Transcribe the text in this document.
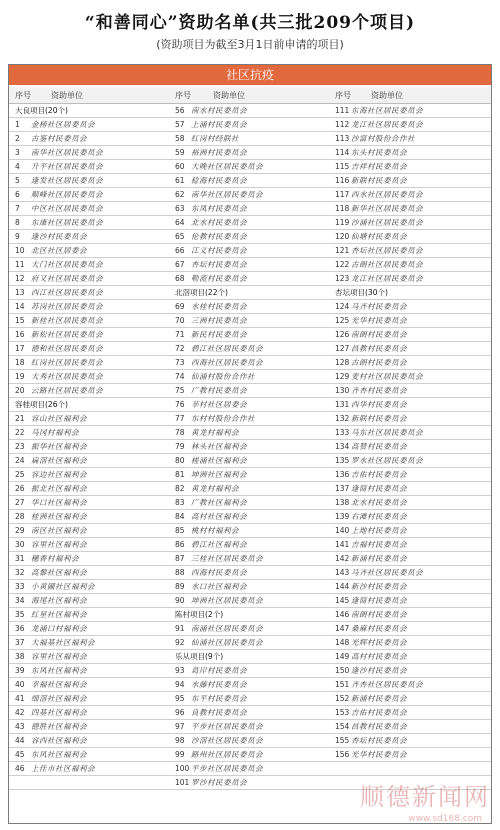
“和善同心”资助名单(共三批209个项目)
(资助项目为截至3月1日前申请的项目)
社区抗疫
序号	资助单位	序号	资助单位	序号	资助单位
大良项目(20个)	56 南水村民委员会	111 东海社区居民委员会
1	金榜社区居委员会	57 上涌村民委员会	112 龙江社区居民委员会
2	古鉴村民委员会	58 红岗村经联社	113 沙富村股份合作社
3	南华社区居民委员会	59 裕洲村民委员会	114 东头村民委员会
4	升平社区居民委员会	60 大晚社区居民委员会	115 吉祥村民委员会
5	逢发社区居民委员会	61 稔海村民委员会	116 新联村民委员会
6	顺峰社区居民委员会	62 南华社区居民委员会	117 西水社区居民委员会
7	中区社区居民委员会	63 东凤村民委员会	118 新华社区居民委员会
8	东康社区居民委员会	64 北水村民委员会	119 沙涌社区居民委员会
9	逢沙村民委员会	65 伦教村民委员会	120 仙塘村民委员会
10 北区社区居委会	66 江义村民委员会	121 杏坛社区居民委员会
11 大门社区居民委员会	67 杏坛村民委员会	122 古朗社区居民委员会
12 府又社区居民委员会	68 勒流村民委员会	123 龙江社区居民委员会
13 西江社区居民委员会	北滘项目(22个)	杏坛项目(30个)
14 苏岗社区居民委员会	69 水桂村民委员会	124 马齐村民委员会
15 新桂社区居民委员会	70 三洲村民委员会	125 光华村民委员会
16 新松社区居民委员会	71 新民村民委员会	126 南朗村民委员会
17 德和社区居民委员会	72 碧江社区居民委员会	127 昌教村民委员会
18 红岗社区居民委员会	73 西海社区居民委员会	128 古朗村民委员会
19 大秀社区居民委员会	74 仙涌村股份合作社	129 麦村社区居民委员会
20 云路社区居民委员会	75 广教村民委员会	130 齐杏村民委员会
容桂项目(26个)	76 莘村社区居委会	131 西华村民委员会
21 容山社区福利会	77 东村村股份合作社	132 新联村民委员会
22 马冈村福利会	78 黄龙村福利会	133 马东社区居民委员会
23 振华社区福利会	79 林头社区福利会	134 高赞村民委员会
24 扁滘社区福利会	80 槎涌社区福利会	135 罗水社区居民委员会
25 容边社区福利会	81 坤洲社区福利会	136 吉佑村民委员会
26 振北社区福利会	82 黄龙村福利会	137 逢简村民委员会
27 华口社区福利会	83 广教社区福利会	138 北水村民委员会
28 桂洲社区福利会	84 高村社区福利会	139 右滩村民委员会
29 南区社区福利会	85 桃村村福利会	140 上地村民委员会
30 容里社区福利会	86 碧江社区福利会	141 吉福村民委员会
31 穗香村福利会	87 三桂社区居民委员会	142 新涌村民委员会
32 高黎社区福利会	88 西海村民委员会	143 马齐社区居民委员会
33 小黄圃社区福利会	89 水口社区福利会	144 新沙村民委员会
34 海尾社区福利会	90 坤洲社区居民委员会	145 逢简村民委员会
35 红星社区福利会	陈村项目(2个)	146 南朗村民委员会
36 龙涌口村福利会	91 南涌社区居民委员会	147 桑麻村民委员会
37 大福基社区福利会	92 仙涌社区居民委员会	148 光辉村民委员会
38 容里社区福利会	乐从项目(9个)	149 高村村民委员会
39 东风社区福利会	93 葛岸村民委员会	150 逢沙村民委员会
40 幸福社区福利会	94 水藤村民委员会	151 齐杏社区居民委员会
41 细滘社区福利会	95 东平村民委员会	152 新涌村民委员会
42 四基社区福利会	96 良教村民委员会	153 吉佑村民委员会
43 德胜社区福利会	97 平步社区居民委员会	154 昌教村民委员会
44 容西社区福利会	98 沙滘社区居民委员会	155 杏坛村民委员会
45 东风社区福利会	99 路州社区居民委员会	156 光华村民委员会
46 上佳市社区福利会	100 平步社区居民委员会
101 罗沙村民委员会
顺德新闻网
www.sd168.com
